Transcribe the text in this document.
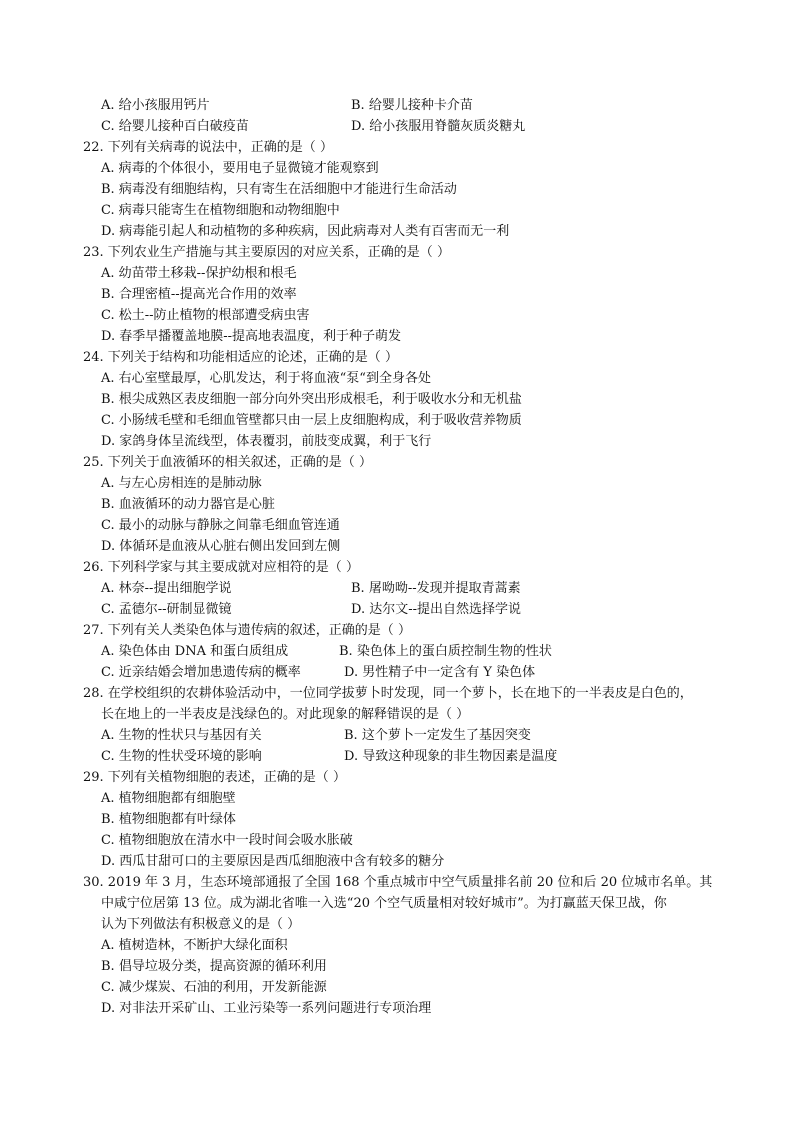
A. 给小孩服用钙片	B. 给婴儿接种卡介苗
C. 给婴儿接种百白破疫苗	D. 给小孩服用脊髓灰质炎糖丸
22. 下列有关病毒的说法中，正确的是（ ）
A. 病毒的个体很小，要用电子显微镜才能观察到
B. 病毒没有细胞结构，只有寄生在活细胞中才能进行生命活动
C. 病毒只能寄生在植物细胞和动物细胞中
D. 病毒能引起人和动植物的多种疾病，因此病毒对人类有百害而无一利
23. 下列农业生产措施与其主要原因的对应关系，正确的是（ ）
A. 幼苗带土移栽--保护幼根和根毛
B. 合理密植--提高光合作用的效率
C. 松土--防止植物的根部遭受病虫害
D. 春季早播覆盖地膜--提高地表温度，利于种子萌发
24. 下列关于结构和功能相适应的论述，正确的是（ ）
A. 右心室壁最厚，心肌发达，利于将血液“泵“到全身各处
B. 根尖成熟区表皮细胞一部分向外突出形成根毛，利于吸收水分和无机盐
C. 小肠绒毛壁和毛细血管壁都只由一层上皮细胞构成，利于吸收营养物质
D. 家鸽身体呈流线型，体表覆羽，前肢变成翼，利于飞行
25. 下列关于血液循环的相关叙述，正确的是（ ）
A. 与左心房相连的是肺动脉
B. 血液循环的动力器官是心脏
C. 最小的动脉与静脉之间靠毛细血管连通
D. 体循环是血液从心脏右侧出发回到左侧
26. 下列科学家与其主要成就对应相符的是（ ）
A. 林奈--提出细胞学说	B. 屠呦呦--发现并提取青蒿素
C. 孟德尔--研制显微镜	D. 达尔文--提出自然选择学说
27. 下列有关人类染色体与遗传病的叙述，正确的是（ ）
A. 染色体由 DNA 和蛋白质组成	B. 染色体上的蛋白质控制生物的性状
C. 近亲结婚会增加患遗传病的概率	D. 男性精子中一定含有 Y 染色体
28. 在学校组织的农耕体验活动中，一位同学拔萝卜时发现，同一个萝卜，长在地下的一半表皮是白色的，
长在地上的一半表皮是浅绿色的。对此现象的解释错误的是（ ）
A. 生物的性状只与基因有关	B. 这个萝卜一定发生了基因突变
C. 生物的性状受环境的影响	D. 导致这种现象的非生物因素是温度
29. 下列有关植物细胞的表述，正确的是（ ）
A. 植物细胞都有细胞壁
B. 植物细胞都有叶绿体
C. 植物细胞放在清水中一段时间会吸水胀破
D. 西瓜甘甜可口的主要原因是西瓜细胞液中含有较多的糖分
30. 2019 年 3 月，生态环境部通报了全国 168 个重点城市中空气质量排名前 20 位和后 20 位城市名单。其
中咸宁位居第 13 位。成为湖北省唯一入选“20 个空气质量相对较好城市”。为打赢蓝天保卫战，你
认为下列做法有积极意义的是（ ）
A. 植树造林，不断护大绿化面积
B. 倡导垃圾分类，提高资源的循环利用
C. 减少煤炭、石油的利用，开发新能源
D. 对非法开采矿山、工业污染等一系列问题进行专项治理
